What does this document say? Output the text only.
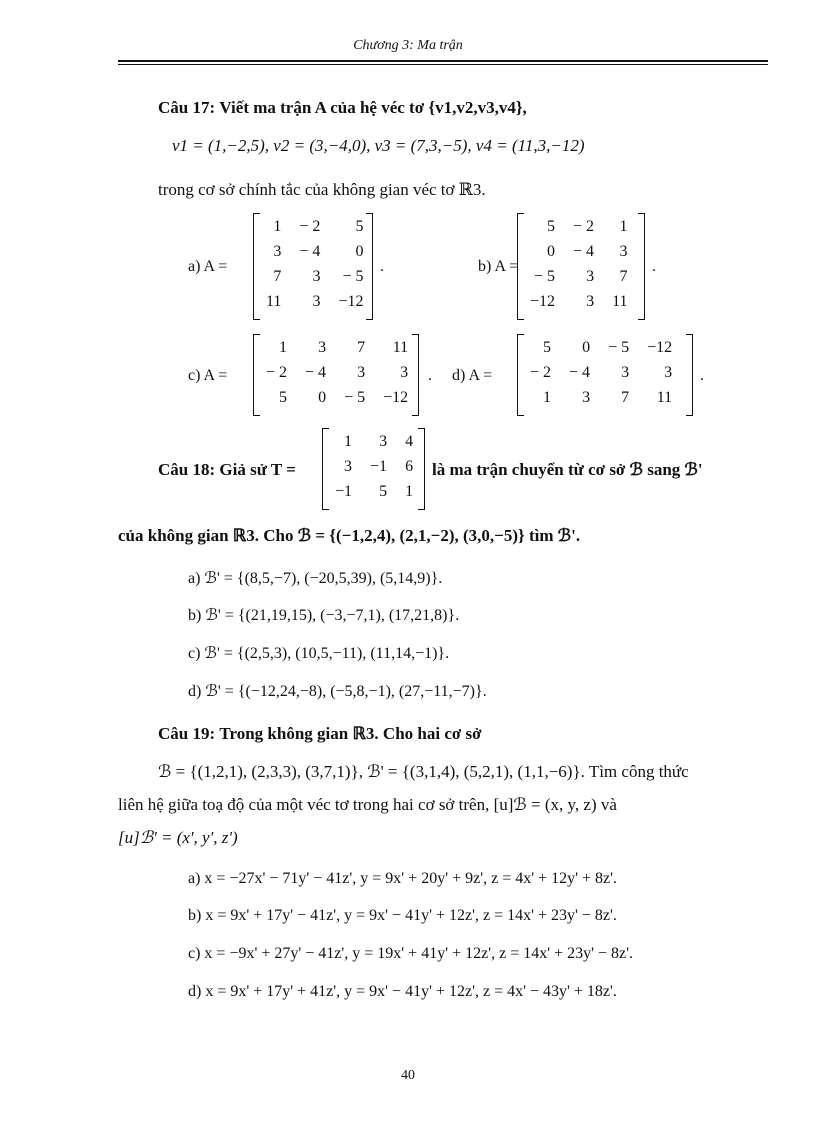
Chương 3: Ma trận
Câu 17: Viết ma trận A của hệ véc tơ {v1,v2,v3,v4},
v1 = (1,−2,5), v2 = (3,−4,0), v3 = (7,3,−5), v4 = (11,3,−12)
trong cơ sở chính tắc của không gian véc tơ ℝ3.
a) A =
1	− 2	5
3	− 4	0
7	3	− 5
11	3	−12
.	b) A =
5	− 2	1
0	− 4	3
− 5	3	7
−12	3	11
.
c) A =
1	3	7	11
− 2	− 4	3	3
5	0	− 5	−12
. d) A =
5	0	− 5	−12
− 2	− 4	3	3
1	3	7	11
.
Câu 18: Giả sử T =
1	3	4
3	−1	6
−1	5	1
là ma trận chuyển từ cơ sở ℬ sang ℬ'
của không gian ℝ3. Cho ℬ = {(−1,2,4), (2,1,−2), (3,0,−5)} tìm ℬ'.
a) ℬ' = {(8,5,−7), (−20,5,39), (5,14,9)}.
b) ℬ' = {(21,19,15), (−3,−7,1), (17,21,8)}.
c) ℬ' = {(2,5,3), (10,5,−11), (11,14,−1)}.
d) ℬ' = {(−12,24,−8), (−5,8,−1), (27,−11,−7)}.
Câu 19: Trong không gian ℝ3. Cho hai cơ sở
ℬ = {(1,2,1), (2,3,3), (3,7,1)}, ℬ' = {(3,1,4), (5,2,1), (1,1,−6)}. Tìm công thức
liên hệ giữa toạ độ của một véc tơ trong hai cơ sở trên, [u]ℬ = (x, y, z) và
[u]ℬ' = (x', y', z')
a) x = −27x' − 71y' − 41z', y = 9x' + 20y' + 9z', z = 4x' + 12y' + 8z'.
b) x = 9x' + 17y' − 41z', y = 9x' − 41y' + 12z', z = 14x' + 23y' − 8z'.
c) x = −9x' + 27y' − 41z', y = 19x' + 41y' + 12z', z = 14x' + 23y' − 8z'.
d) x = 9x' + 17y' + 41z', y = 9x' − 41y' + 12z', z = 4x' − 43y' + 18z'.
40
